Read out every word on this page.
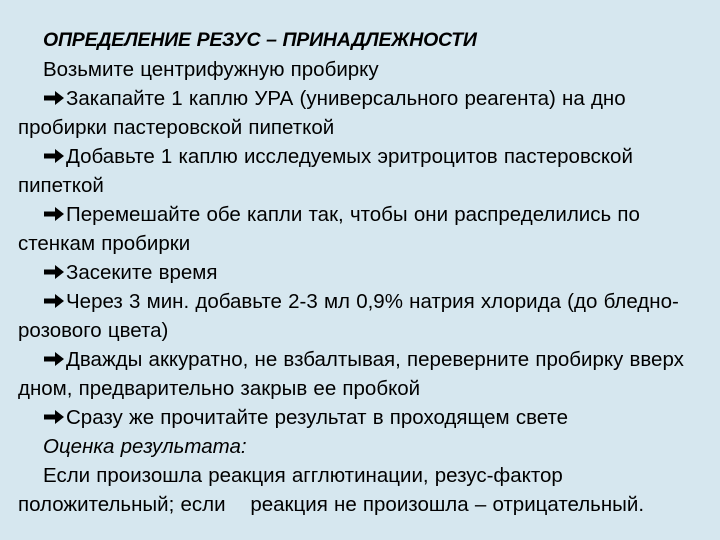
ОПРЕДЕЛЕНИЕ РЕЗУС – ПРИНАДЛЕЖНОСТИ

Возьмите центрифужную пробирку

Закапайте 1 каплю УРА (универсального реагента) на дно пробирки пастеровской пипеткой

Добавьте 1 каплю исследуемых эритроцитов пастеровской пипеткой

Перемешайте обе капли так, чтобы они распределились по стенкам пробирки

Засеките время

Через 3 мин. добавьте 2-3 мл 0,9% натрия хлорида (до бледно-розового цвета)

Дважды аккуратно, не взбалтывая, переверните пробирку вверх дном, предварительно закрыв ее пробкой

Сразу же прочитайте результат в проходящем свете

Оценка результата:

Если произошла реакция агглютинации, резус-фактор положительный; если    реакция не произошла – отрицательный.
